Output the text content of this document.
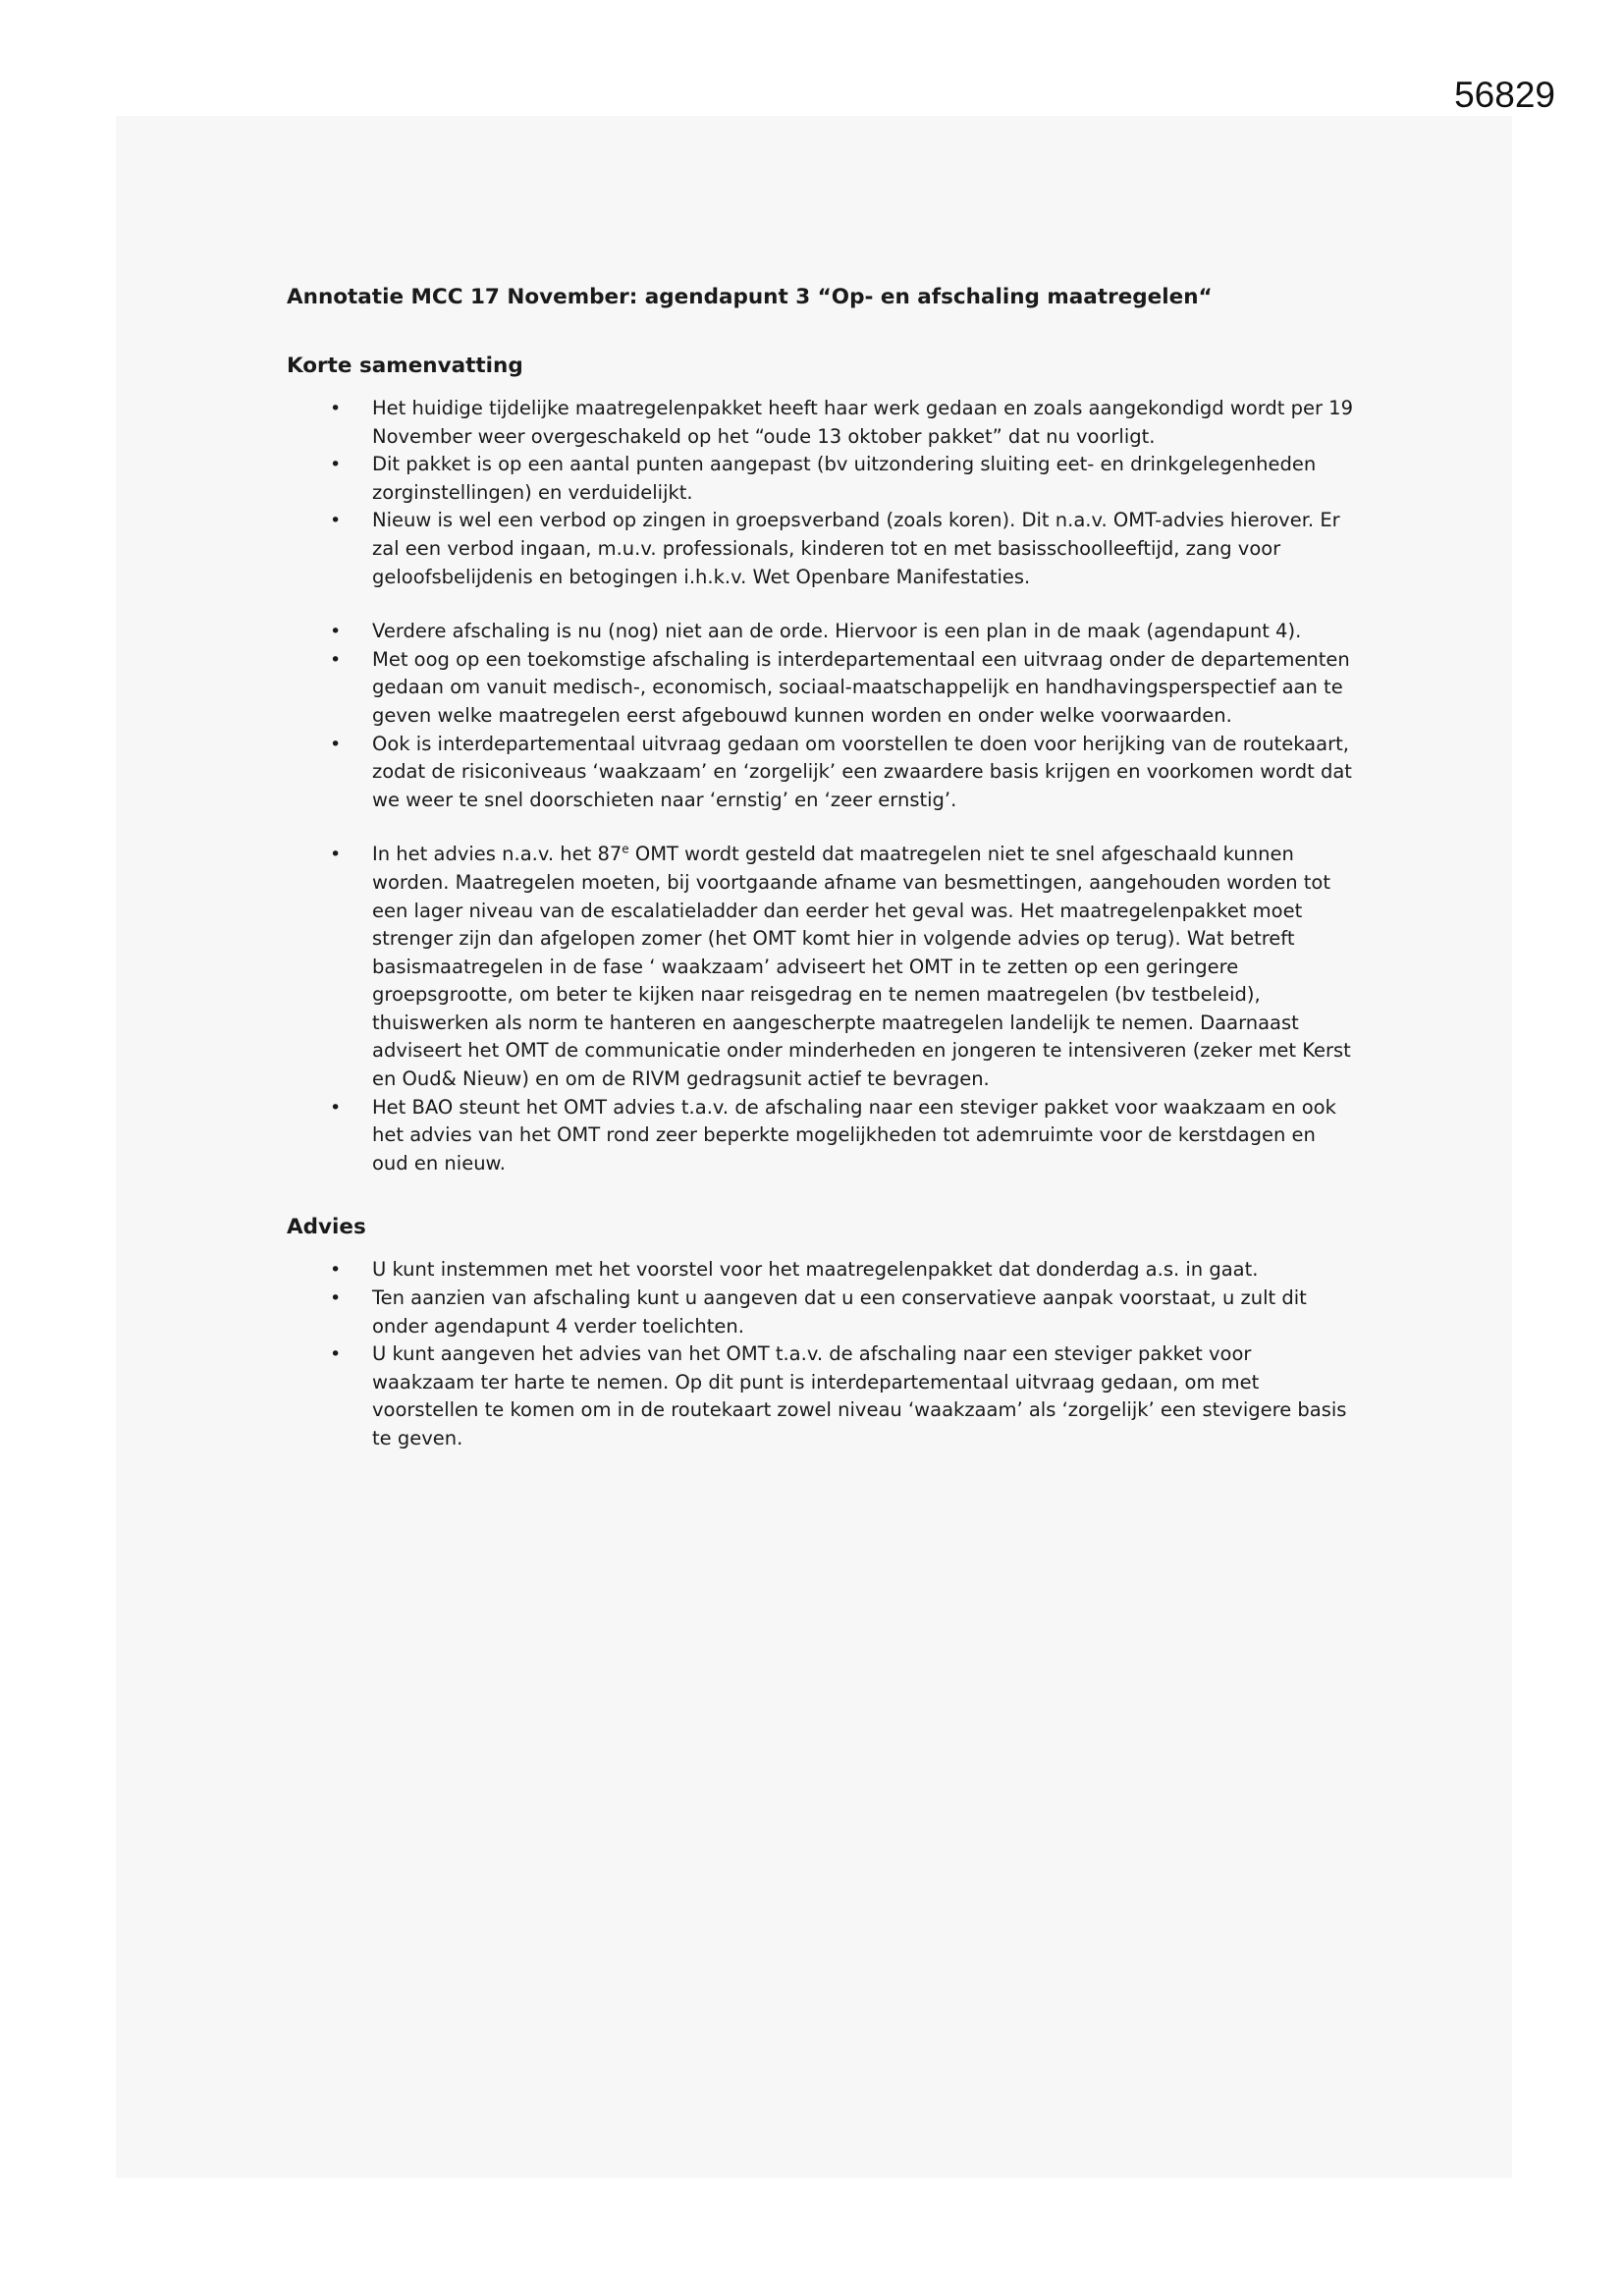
56829
Annotatie MCC 17 November: agendapunt 3 “Op- en afschaling maatregelen“
Korte samenvatting
• Het huidige tijdelijke maatregelenpakket heeft haar werk gedaan en zoals aangekondigd wordt per 19 November weer overgeschakeld op het “oude 13 oktober pakket” dat nu voorligt.
• Dit pakket is op een aantal punten aangepast (bv uitzondering sluiting eet- en drinkgelegenheden zorginstellingen) en verduidelijkt.
• Nieuw is wel een verbod op zingen in groepsverband (zoals koren). Dit n.a.v. OMT-advies hierover. Er zal een verbod ingaan, m.u.v. professionals, kinderen tot en met basisschoolleeftijd, zang voor geloofsbelijdenis en betogingen i.h.k.v. Wet Openbare Manifestaties.
• Verdere afschaling is nu (nog) niet aan de orde. Hiervoor is een plan in de maak (agendapunt 4).
• Met oog op een toekomstige afschaling is interdepartementaal een uitvraag onder de departementen gedaan om vanuit medisch-, economisch, sociaal-maatschappelijk en handhavingsperspectief aan te geven welke maatregelen eerst afgebouwd kunnen worden en onder welke voorwaarden.
• Ook is interdepartementaal uitvraag gedaan om voorstellen te doen voor herijking van de routekaart, zodat de risiconiveaus ‘waakzaam’ en ‘zorgelijk’ een zwaardere basis krijgen en voorkomen wordt dat we weer te snel doorschieten naar ‘ernstig’ en ‘zeer ernstig’.
• In het advies n.a.v. het 87e OMT wordt gesteld dat maatregelen niet te snel afgeschaald kunnen worden. Maatregelen moeten, bij voortgaande afname van besmettingen, aangehouden worden tot een lager niveau van de escalatieladder dan eerder het geval was. Het maatregelenpakket moet strenger zijn dan afgelopen zomer (het OMT komt hier in volgende advies op terug). Wat betreft basismaatregelen in de fase ‘ waakzaam’ adviseert het OMT in te zetten op een geringere groepsgrootte, om beter te kijken naar reisgedrag en te nemen maatregelen (bv testbeleid), thuiswerken als norm te hanteren en aangescherpte maatregelen landelijk te nemen. Daarnaast adviseert het OMT de communicatie onder minderheden en jongeren te intensiveren (zeker met Kerst en Oud& Nieuw) en om de RIVM gedragsunit actief te bevragen.
• Het BAO steunt het OMT advies t.a.v. de afschaling naar een steviger pakket voor waakzaam en ook het advies van het OMT rond zeer beperkte mogelijkheden tot ademruimte voor de kerstdagen en oud en nieuw.
Advies
• U kunt instemmen met het voorstel voor het maatregelenpakket dat donderdag a.s. in gaat.
• Ten aanzien van afschaling kunt u aangeven dat u een conservatieve aanpak voorstaat, u zult dit onder agendapunt 4 verder toelichten.
• U kunt aangeven het advies van het OMT t.a.v. de afschaling naar een steviger pakket voor waakzaam ter harte te nemen. Op dit punt is interdepartementaal uitvraag gedaan, om met voorstellen te komen om in de routekaart zowel niveau ‘waakzaam’ als ‘zorgelijk’ een stevigere basis te geven.
